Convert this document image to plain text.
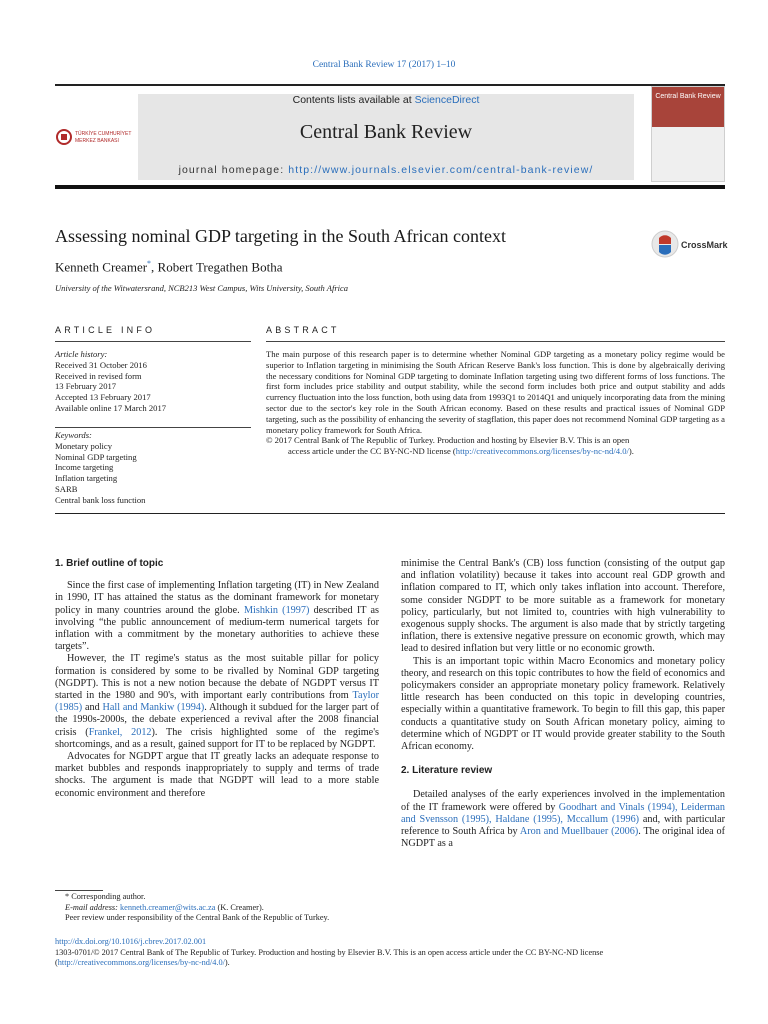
Central Bank Review 17 (2017) 1–10
TÜRKİYE CUMHURİYET
MERKEZ BANKASI
Contents lists available at ScienceDirect
Central Bank Review
journal homepage: http://www.journals.elsevier.com/central-bank-review/
Central Bank Review
Assessing nominal GDP targeting in the South African context	CrossMark
Kenneth Creamer*, Robert Tregathen Botha
University of the Witwatersrand, NCB213 West Campus, Wits University, South Africa
ARTICLE INFO	ABSTRACT
Article history:
Received 31 October 2016
Received in revised form
13 February 2017
Accepted 13 February 2017
Available online 17 March 2017
Keywords:
Monetary policy
Nominal GDP targeting
Income targeting
Inflation targeting
SARB
Central bank loss function

The main purpose of this research paper is to determine whether Nominal GDP targeting as a monetary policy regime would be superior to Inflation targeting in minimising the South African Reserve Bank's loss function. This is done by algebraically deriving the necessary conditions for Nominal GDP targeting to dominate Inflation targeting using two different forms of loss functions. The first form includes price stability and output stability, while the second form includes both price and output stability and adds currency fluctuation into the loss function, both using data from 1993Q1 to 2014Q1 and uniquely incorporating data from the mining sector due to the sector's key role in the South African economy. Based on these results and practical issues of Nominal GDP targeting, such as the possibility of enhancing the severity of stagflation, this paper does not recommend Nominal GDP targeting as a monetary policy framework for South Africa.

© 2017 Central Bank of The Republic of Turkey. Production and hosting by Elsevier B.V. This is an open

access article under the CC BY-NC-ND license (http://creativecommons.org/licenses/by-nc-nd/4.0/).

1. Brief outline of topic

Since the first case of implementing Inflation targeting (IT) in New Zealand in 1990, IT has attained the status as the dominant framework for monetary policy in many countries around the globe. Mishkin (1997) described IT as involving “the public announcement of medium-term numerical targets for inflation with a commitment by the monetary authorities to achieve these targets”.

However, the IT regime's status as the most suitable pillar for policy formation is considered by some to be rivalled by Nominal GDP targeting (NGDPT). This is not a new notion because the debate of NGDPT versus IT started in the 1980 and 90's, with important early contributions from Taylor (1985) and Hall and Mankiw (1994). Although it subdued for the larger part of the 1990s-2000s, the debate experienced a revival after the 2008 financial crisis (Frankel, 2012). The crisis highlighted some of the regime's shortcomings, and as a result, gained support for IT to be replaced by NGDPT.

Advocates for NGDPT argue that IT greatly lacks an adequate response to market bubbles and responds inappropriately to supply and terms of trade shocks. The argument is made that NGDPT will lead to a more stable economic environment and therefore

minimise the Central Bank's (CB) loss function (consisting of the output gap and inflation volatility) because it takes into account real GDP growth and inflation compared to IT, which only takes inflation into account. Therefore, some consider NGDPT to be more suitable as a framework for monetary policy, particularly, but not limited to, countries with high vulnerability to exogenous supply shocks. The argument is also made that by strictly targeting inflation, there is extensive negative pressure on economic growth, which may lead to desired inflation but very little or no economic growth.

This is an important topic within Macro Economics and monetary policy theory, and research on this topic contributes to how the field of economics and policymakers consider an appropriate monetary policy framework. Relatively little research has been conducted on this topic in developing countries, especially within a quantitative framework. To begin to fill this gap, this paper conducts a quantitative study on South African monetary policy, aiming to determine which of NGDPT or IT would provide greater stability to the South African economy.

2. Literature review

Detailed analyses of the early experiences involved in the implementation of the IT framework were offered by Goodhart and Vinals (1994), Leiderman and Svensson (1995), Haldane (1995), Mccallum (1996) and, with particular reference to South Africa by Aron and Muellbauer (2006). The original idea of NGDPT as a

* Corresponding author.
E-mail address: kenneth.creamer@wits.ac.za (K. Creamer).
Peer review under responsibility of the Central Bank of the Republic of Turkey.
http://dx.doi.org/10.1016/j.cbrev.2017.02.001
1303-0701/© 2017 Central Bank of The Republic of Turkey. Production and hosting by Elsevier B.V. This is an open access article under the CC BY-NC-ND license (http://creativecommons.org/licenses/by-nc-nd/4.0/).
